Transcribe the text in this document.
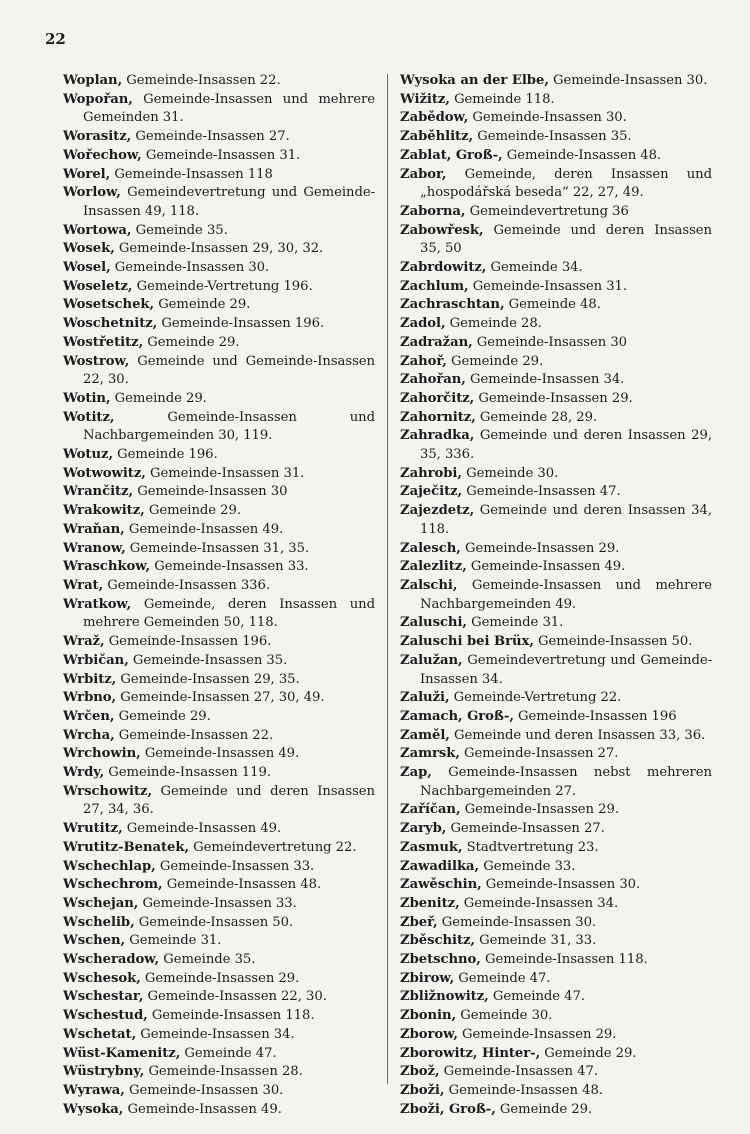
22
Woplan, Gemeinde-Insassen 22.
Wopořan, Gemeinde-Insassen und mehrere Gemeinden 31.
Worasitz, Gemeinde-Insassen 27.
Wořechow, Gemeinde-Insassen 31.
Worel, Gemeinde-Insassen 118
Worlow, Gemeindevertretung und Gemeinde-Insassen 49, 118.
Wortowa, Gemeinde 35.
Wosek, Gemeinde-Insassen 29, 30, 32.
Wosel, Gemeinde-Insassen 30.
Woseletz, Gemeinde-Vertretung 196.
Wosetschek, Gemeinde 29.
Woschetnitz, Gemeinde-Insassen 196.
Wostřetitz, Gemeinde 29.
Wostrow, Gemeinde und Gemeinde-Insassen 22, 30.
Wotin, Gemeinde 29.
Wotitz, Gemeinde-Insassen und Nachbargemeinden 30, 119.
Wotuz, Gemeinde 196.
Wotwowitz, Gemeinde-Insassen 31.
Wrančitz, Gemeinde-Insassen 30
Wrakowitz, Gemeinde 29.
Wraňan, Gemeinde-Insassen 49.
Wranow, Gemeinde-Insassen 31, 35.
Wraschkow, Gemeinde-Insassen 33.
Wrat, Gemeinde-Insassen 336.
Wratkow, Gemeinde, deren Insassen und mehrere Gemeinden 50, 118.
Wraž, Gemeinde-Insassen 196.
Wrbičan, Gemeinde-Insassen 35.
Wrbitz, Gemeinde-Insassen 29, 35.
Wrbno, Gemeinde-Insassen 27, 30, 49.
Wrčen, Gemeinde 29.
Wrcha, Gemeinde-Insassen 22.
Wrchowin, Gemeinde-Insassen 49.
Wrdy, Gemeinde-Insassen 119.
Wrschowitz, Gemeinde und deren Insassen 27, 34, 36.
Wrutitz, Gemeinde-Insassen 49.
Wrutitz-Benatek, Gemeindevertretung 22.
Wschechlap, Gemeinde-Insassen 33.
Wschechrom, Gemeinde-Insassen 48.
Wschejan, Gemeinde-Insassen 33.
Wschelib, Gemeinde-Insassen 50.
Wschen, Gemeinde 31.
Wscheradow, Gemeinde 35.
Wschesok, Gemeinde-Insassen 29.
Wschestar, Gemeinde-Insassen 22, 30.
Wschestud, Gemeinde-Insassen 118.
Wschetat, Gemeinde-Insassen 34.
Wüst-Kamenitz, Gemeinde 47.
Wüstrybny, Gemeinde-Insassen 28.
Wyrawa, Gemeinde-Insassen 30.
Wysoka, Gemeinde-Insassen 49.
Wysoka an der Elbe, Gemeinde-Insassen 30.
Wižitz, Gemeinde 118.
Zabědow, Gemeinde-Insassen 30.
Zaběhlitz, Gemeinde-Insassen 35.
Zablat, Groß-, Gemeinde-Insassen 48.
Zabor, Gemeinde, deren Insassen und „hospodářská beseda“ 22, 27, 49.
Zaborna, Gemeindevertretung 36
Zabowřesk, Gemeinde und deren Insassen 35, 50
Zabrdowitz, Gemeinde 34.
Zachlum, Gemeinde-Insassen 31.
Zachraschtan, Gemeinde 48.
Zadol, Gemeinde 28.
Zadražan, Gemeinde-Insassen 30
Zahoř, Gemeinde 29.
Zahořan, Gemeinde-Insassen 34.
Zahorčitz, Gemeinde-Insassen 29.
Zahornitz, Gemeinde 28, 29.
Zahradka, Gemeinde und deren Insassen 29, 35, 336.
Zahrobi, Gemeinde 30.
Zaječitz, Gemeinde-Insassen 47.
Zajezdetz, Gemeinde und deren Insassen 34, 118.
Zalesch, Gemeinde-Insassen 29.
Zalezlitz, Gemeinde-Insassen 49.
Zalschi, Gemeinde-Insassen und mehrere Nachbargemeinden 49.
Zaluschi, Gemeinde 31.
Zaluschi bei Brüx, Gemeinde-Insassen 50.
Zalužan, Gemeindevertretung und Gemeinde-Insassen 34.
Zaluži, Gemeinde-Vertretung 22.
Zamach, Groß-, Gemeinde-Insassen 196
Zaměl, Gemeinde und deren Insassen 33, 36.
Zamrsk, Gemeinde-Insassen 27.
Zap, Gemeinde-Insassen nebst mehreren Nachbargemeinden 27.
Zaříčan, Gemeinde-Insassen 29.
Zaryb, Gemeinde-Insassen 27.
Zasmuk, Stadtvertretung 23.
Zawadilka, Gemeinde 33.
Zawěschin, Gemeinde-Insassen 30.
Zbenitz, Gemeinde-Insassen 34.
Zbeř, Gemeinde-Insassen 30.
Zběschitz, Gemeinde 31, 33.
Zbetschno, Gemeinde-Insassen 118.
Zbirow, Gemeinde 47.
Zbližnowitz, Gemeinde 47.
Zbonin, Gemeinde 30.
Zborow, Gemeinde-Insassen 29.
Zborowitz, Hinter-, Gemeinde 29.
Zbož, Gemeinde-Insassen 47.
Zboži, Gemeinde-Insassen 48.
Zboži, Groß-, Gemeinde 29.
